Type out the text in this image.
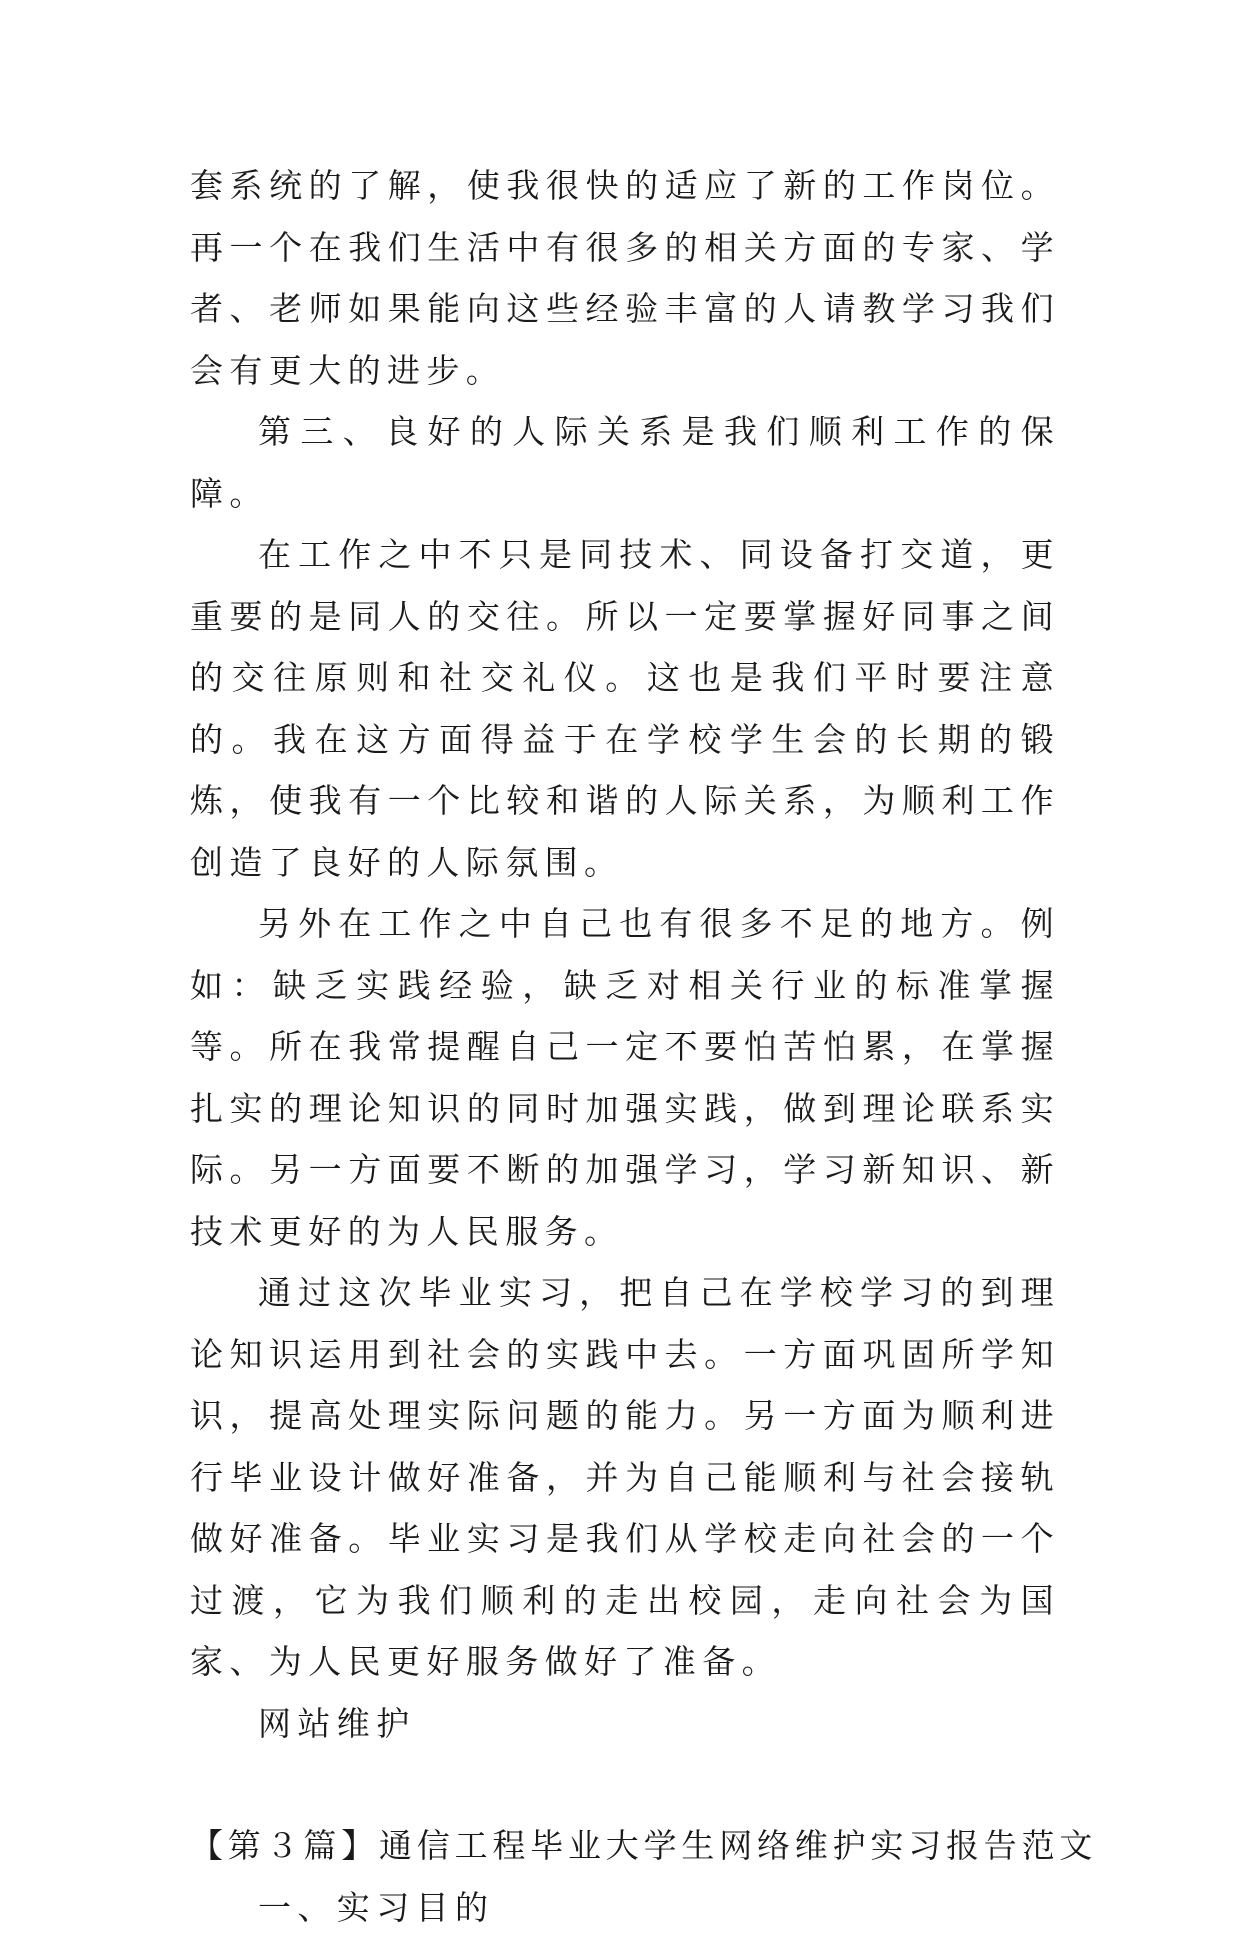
套系统的了解，使我很快的适应了新的工作岗位。再一个在我们生活中有很多的相关方面的专家、学者、老师如果能向这些经验丰富的人请教学习我们会有更大的进步。

第三、良好的人际关系是我们顺利工作的保障。

在工作之中不只是同技术、同设备打交道，更重要的是同人的交往。所以一定要掌握好同事之间的交往原则和社交礼仪。这也是我们平时要注意的。我在这方面得益于在学校学生会的长期的锻炼，使我有一个比较和谐的人际关系，为顺利工作创造了良好的人际氛围。

另外在工作之中自己也有很多不足的地方。例如：缺乏实践经验，缺乏对相关行业的标准掌握等。所在我常提醒自己一定不要怕苦怕累，在掌握扎实的理论知识的同时加强实践，做到理论联系实际。另一方面要不断的加强学习，学习新知识、新技术更好的为人民服务。

通过这次毕业实习，把自己在学校学习的到理论知识运用到社会的实践中去。一方面巩固所学知识，提高处理实际问题的能力。另一方面为顺利进行毕业设计做好准备，并为自己能顺利与社会接轨做好准备。毕业实习是我们从学校走向社会的一个过渡，它为我们顺利的走出校园，走向社会为国家、为人民更好服务做好了准备。

网站维护

【第３篇】通信工程毕业大学生网络维护实习报告范文

一、实习目的
